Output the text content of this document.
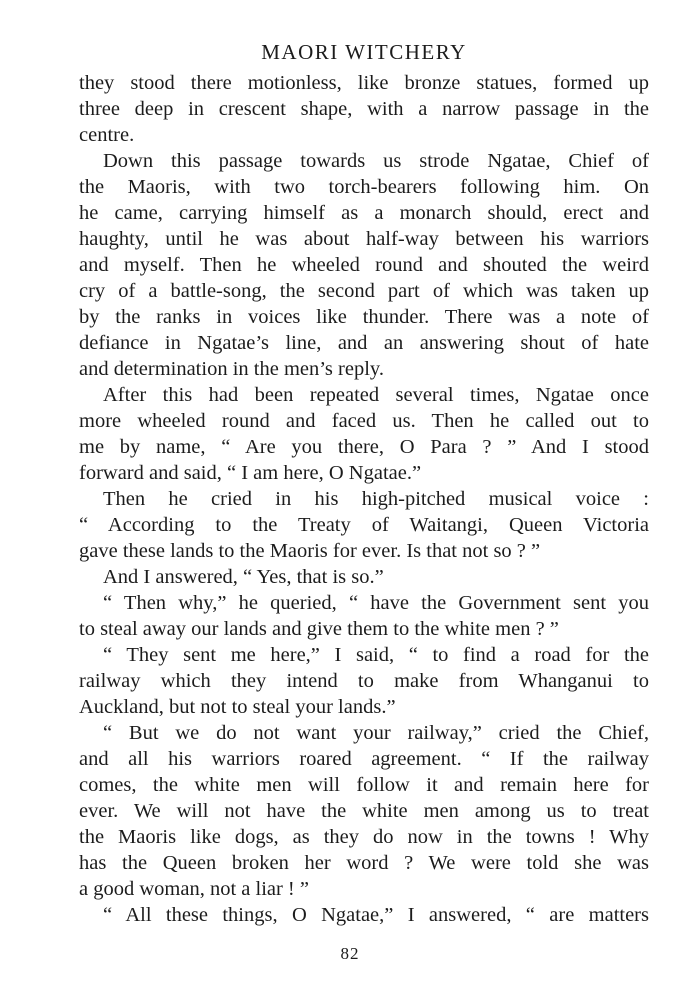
MAORI WITCHERY
they stood there motionless, like bronze statues, formed up
three deep in crescent shape, with a narrow passage in the
centre.
Down this passage towards us strode Ngatae, Chief of
the Maoris, with two torch-bearers following him. On
he came, carrying himself as a monarch should, erect and
haughty, until he was about half-way between his warriors
and myself. Then he wheeled round and shouted the weird
cry of a battle-song, the second part of which was taken up
by the ranks in voices like thunder. There was a note of
defiance in Ngatae’s line, and an answering shout of hate
and determination in the men’s reply.
After this had been repeated several times, Ngatae once
more wheeled round and faced us. Then he called out to
me by name, “ Are you there, O Para ? ” And I stood
forward and said, “ I am here, O Ngatae.”
Then he cried in his high-pitched musical voice :
“ According to the Treaty of Waitangi, Queen Victoria
gave these lands to the Maoris for ever. Is that not so ? ”
And I answered, “ Yes, that is so.”
“ Then why,” he queried, “ have the Government sent you
to steal away our lands and give them to the white men ? ”
“ They sent me here,” I said, “ to find a road for the
railway which they intend to make from Whanganui to
Auckland, but not to steal your lands.”
“ But we do not want your railway,” cried the Chief,
and all his warriors roared agreement. “ If the railway
comes, the white men will follow it and remain here for
ever. We will not have the white men among us to treat
the Maoris like dogs, as they do now in the towns ! Why
has the Queen broken her word ? We were told she was
a good woman, not a liar ! ”
“ All these things, O Ngatae,” I answered, “ are matters
82
